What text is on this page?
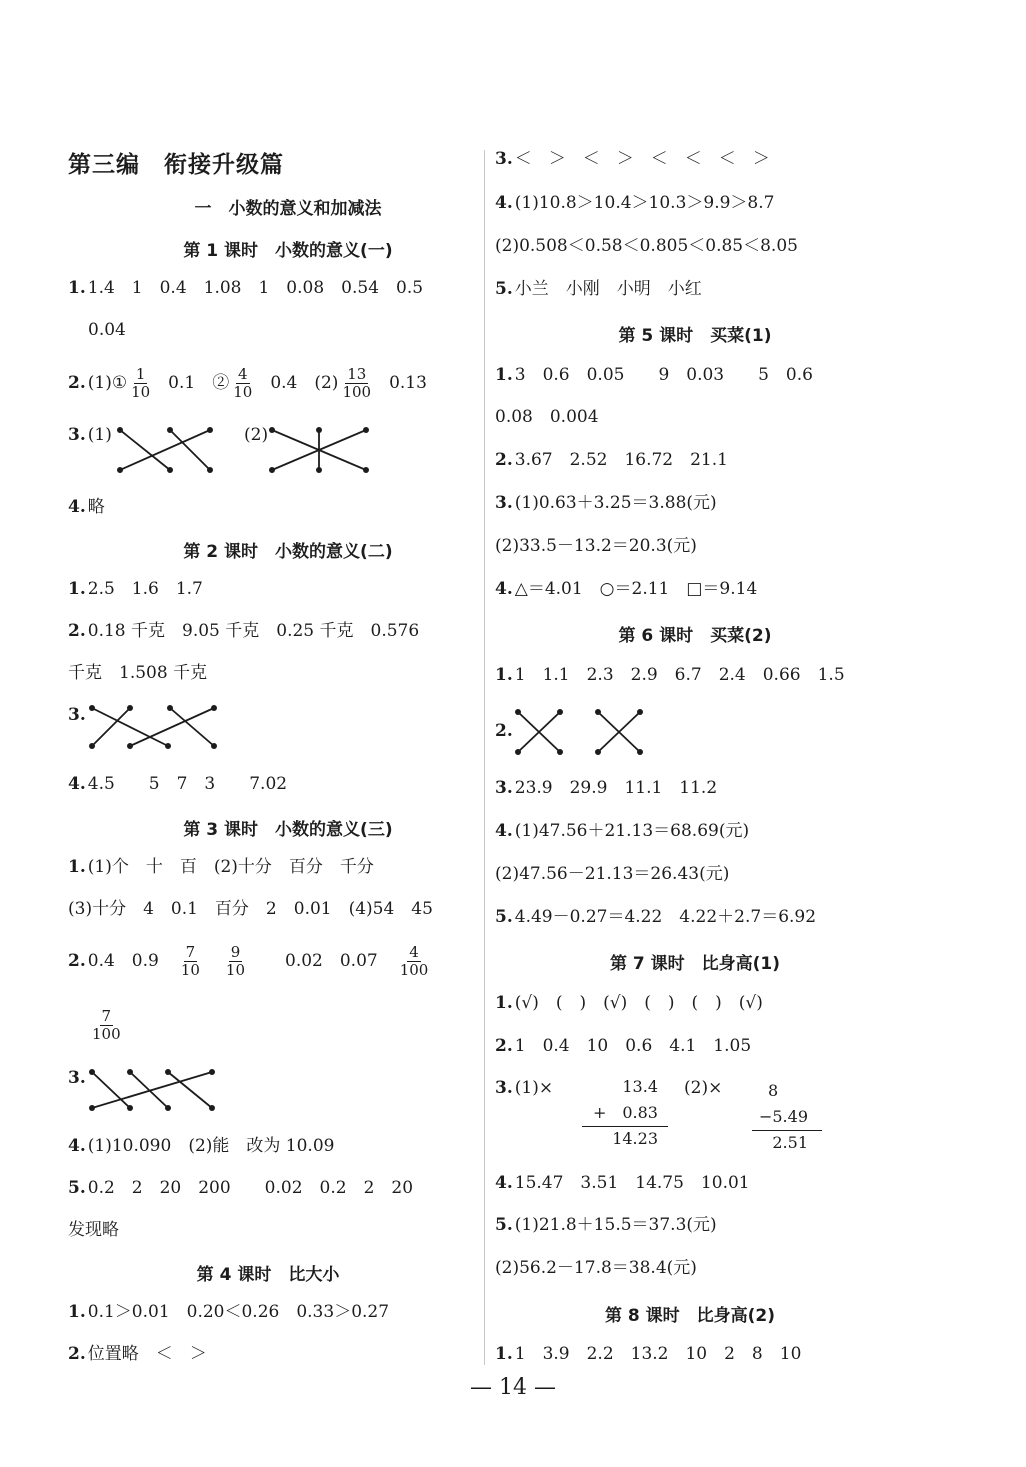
第三编　衔接升级篇
一　小数的意义和加减法
第 1 课时　小数的意义(一)
1. 1.4　1　0.4　1.08　1　0.08　0.54　0.5
0.04
2. (1)① $\frac{1}{10} 0.1$　② $\frac{4}{10} 0.4$　$(2) \frac{13}{100} 0.13$
3. (1)	(2)
4. 略
第 2 课时　小数的意义(二)
1. 2.5　1.6　1.7
2. 0.18 千克　9.05 千克　0.25 千克　0.576
千克　1.508 千克
3.
4. 4.5　　5　7　3　　7.02
第 3 课时　小数的意义(三)
1. (1)个　十　百　(2)十分　百分　千分
(3)十分　4　0.1　百分　2　0.01　(4)54　45
2. 0.4　$0.9 \frac{7}{10} \frac{9}{10} 0.02$　$0.07 \frac{4}{100}$
$\frac{7}{100}$
3.
4. (1)10.090　(2)能　改为 10.09
5. 0.2　2　20　200　　0.02　0.2　2　20
发现略
第 4 课时　比大小
1. 0.1＞0.01　0.20＜0.26　0.33＞0.27
2. 位置略　＜　＞
3. ＜　＞　＜　＞　＜　＜　＜　＞
4. (1)10.8＞10.4＞10.3＞9.9＞8.7
(2)0.508＜0.58＜0.805＜0.85＜8.05
5. 小兰　小刚　小明　小红
第 5 课时　买菜(1)
1. 3　0.6　0.05　　9　0.03　　5　0.6
0.08　0.004
2. 3.67　2.52　16.72　21.1
3. (1)0.63＋3.25＝3.88(元)
(2)33.5－13.2＝20.3(元)
4. △＝4.01　○＝2.11　□＝9.14
第 6 课时　买菜(2)
1. 1　1.1　2.3　2.9　6.7　2.4　0.66　1.5
2.
3. 23.9　29.9　11.1　11.2
4. (1)47.56＋21.13＝68.69(元)
(2)47.56－21.13＝26.43(元)
5. 4.49－0.27＝4.22　4.22＋2.7＝6.92
第 7 课时　比身高(1)
1. (√)　(　)　(√)　(　)　(　)　(√)
2. 1　0.4　10　0.6　4.1　1.05
3. (1)×	13.4
+　0.83
14.23
(2)×	8
−5.49
2.51
4. 15.47　3.51　14.75　10.01
5. (1)21.8＋15.5＝37.3(元)
(2)56.2－17.8＝38.4(元)
第 8 课时　比身高(2)
1. 1　3.9　2.2　13.2　10　2　8　10
— 14 —
